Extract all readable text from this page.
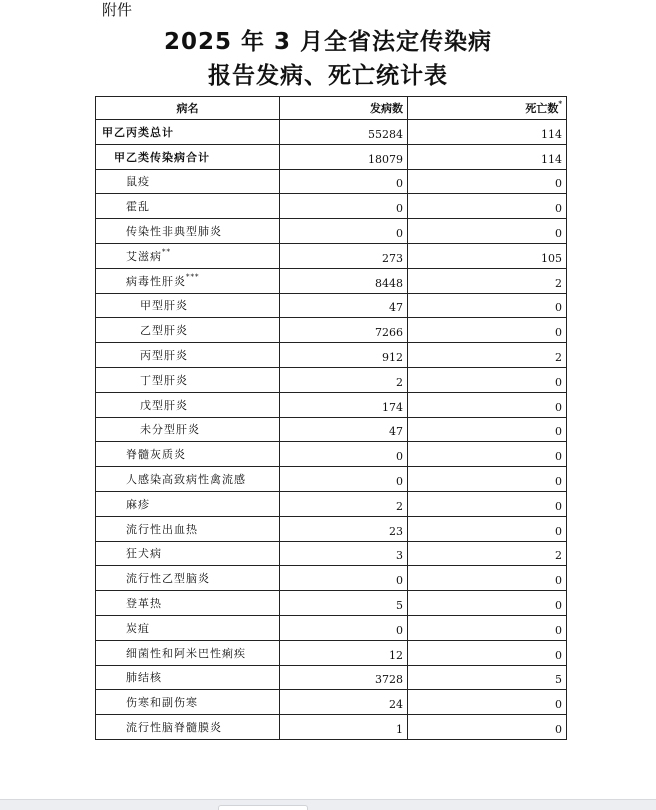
附件
2025 年 3 月全省法定传染病
报告发病、死亡统计表
病名	发病数	死亡数*
甲乙丙类总计	55284	114
甲乙类传染病合计	18079	114
鼠疫	0	0
霍乱	0	0
传染性非典型肺炎	0	0
艾滋病**	273	105
病毒性肝炎***	8448	2
甲型肝炎	47	0
乙型肝炎	7266	0
丙型肝炎	912	2
丁型肝炎	2	0
戊型肝炎	174	0
未分型肝炎	47	0
脊髓灰质炎	0	0
人感染高致病性禽流感	0	0
麻疹	2	0
流行性出血热	23	0
狂犬病	3	2
流行性乙型脑炎	0	0
登革热	5	0
炭疽	0	0
细菌性和阿米巴性痢疾	12	0
肺结核	3728	5
伤寒和副伤寒	24	0
流行性脑脊髓膜炎	1	0
